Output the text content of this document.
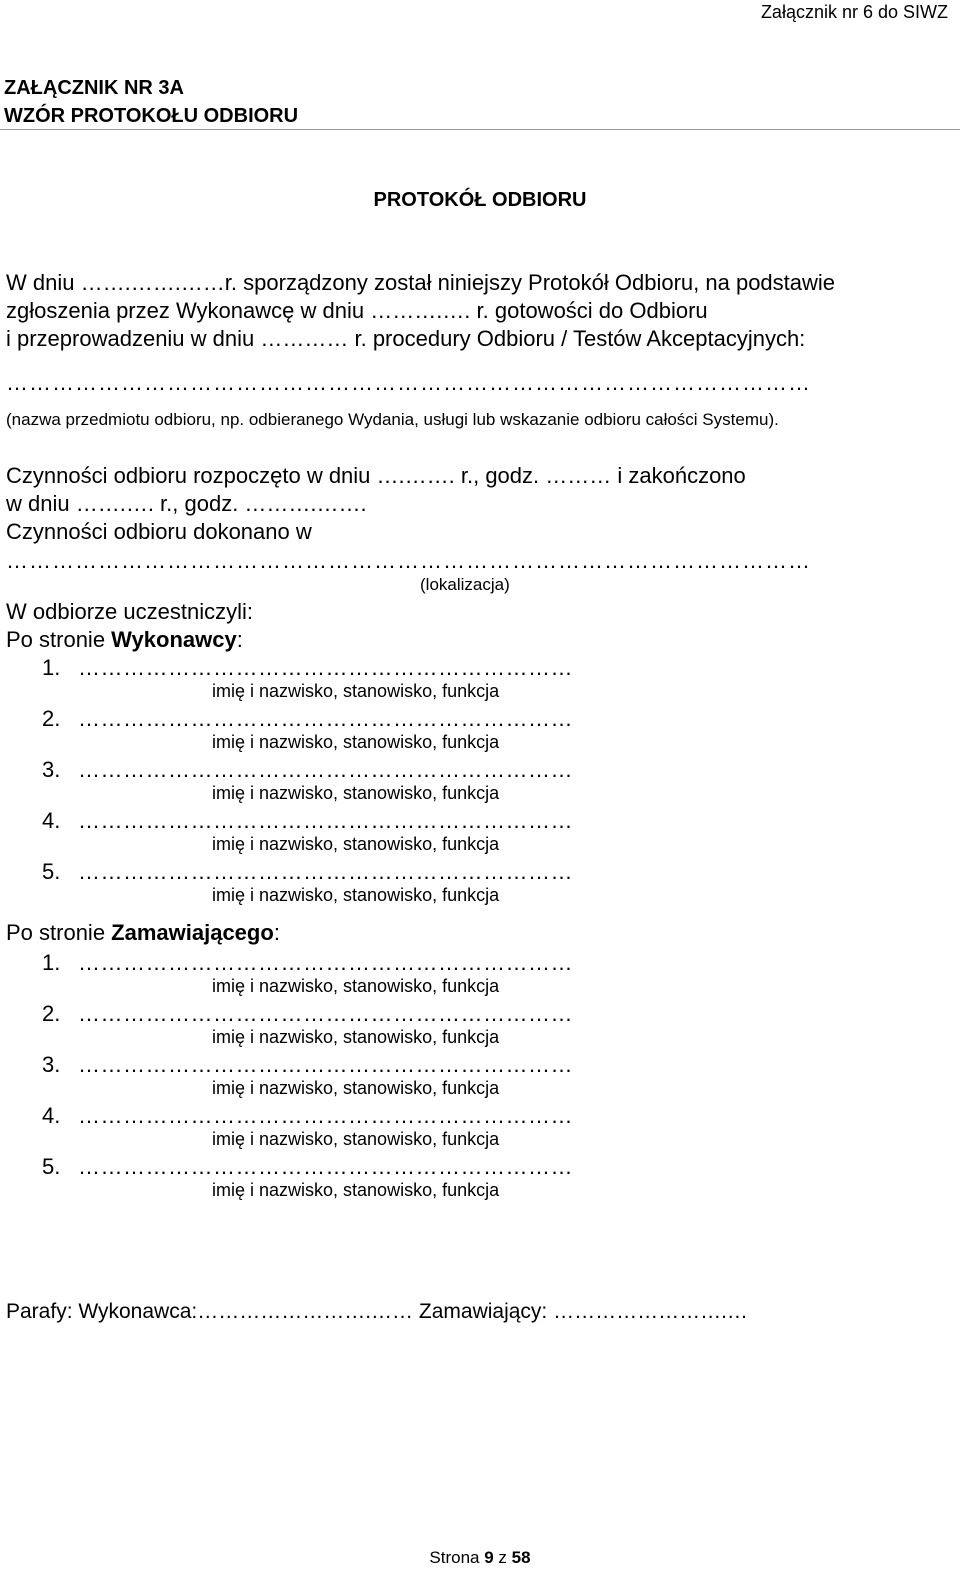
Załącznik nr 6 do SIWZ
ZAŁĄCZNIK NR 3A
WZÓR PROTOKOŁU ODBIORU
PROTOKÓŁ ODBIORU
W dniu …….…….……r. sporządzony został niniejszy Protokół Odbioru, na podstawie
zgłoszenia przez Wykonawcę w dniu ……….…. r. gotowości do Odbioru
i przeprowadzeniu w dniu ………… r. procedury Odbioru / Testów Akceptacyjnych:
……………………………………………………………………………………………
(nazwa przedmiotu odbioru, np. odbieranego Wydania, usługi lub wskazanie odbioru całości Systemu).
Czynności odbioru rozpoczęto w dniu ….……. r., godz. ……… i zakończono
w dniu …….…. r., godz. ……….…….
Czynności odbioru dokonano w
……………………………………………………………………………………………
(lokalizacja)
W odbiorze uczestniczyli:
Po stronie Wykonawcy:
1. …………………………………………………………
imię i nazwisko, stanowisko, funkcja
2. …………………………………………………………
imię i nazwisko, stanowisko, funkcja
3. …………………………………………………………
imię i nazwisko, stanowisko, funkcja
4. …………………………………………………………
imię i nazwisko, stanowisko, funkcja
5. …………………………………………………………
imię i nazwisko, stanowisko, funkcja
Po stronie Zamawiającego:
1. …………………………………………………………
imię i nazwisko, stanowisko, funkcja
2. …………………………………………………………
imię i nazwisko, stanowisko, funkcja
3. …………………………………………………………
imię i nazwisko, stanowisko, funkcja
4. …………………………………………………………
imię i nazwisko, stanowisko, funkcja
5. …………………………………………………………
imię i nazwisko, stanowisko, funkcja
Parafy: Wykonawca:…………………….…… Zamawiający: …………………….…
Strona 9 z 58
